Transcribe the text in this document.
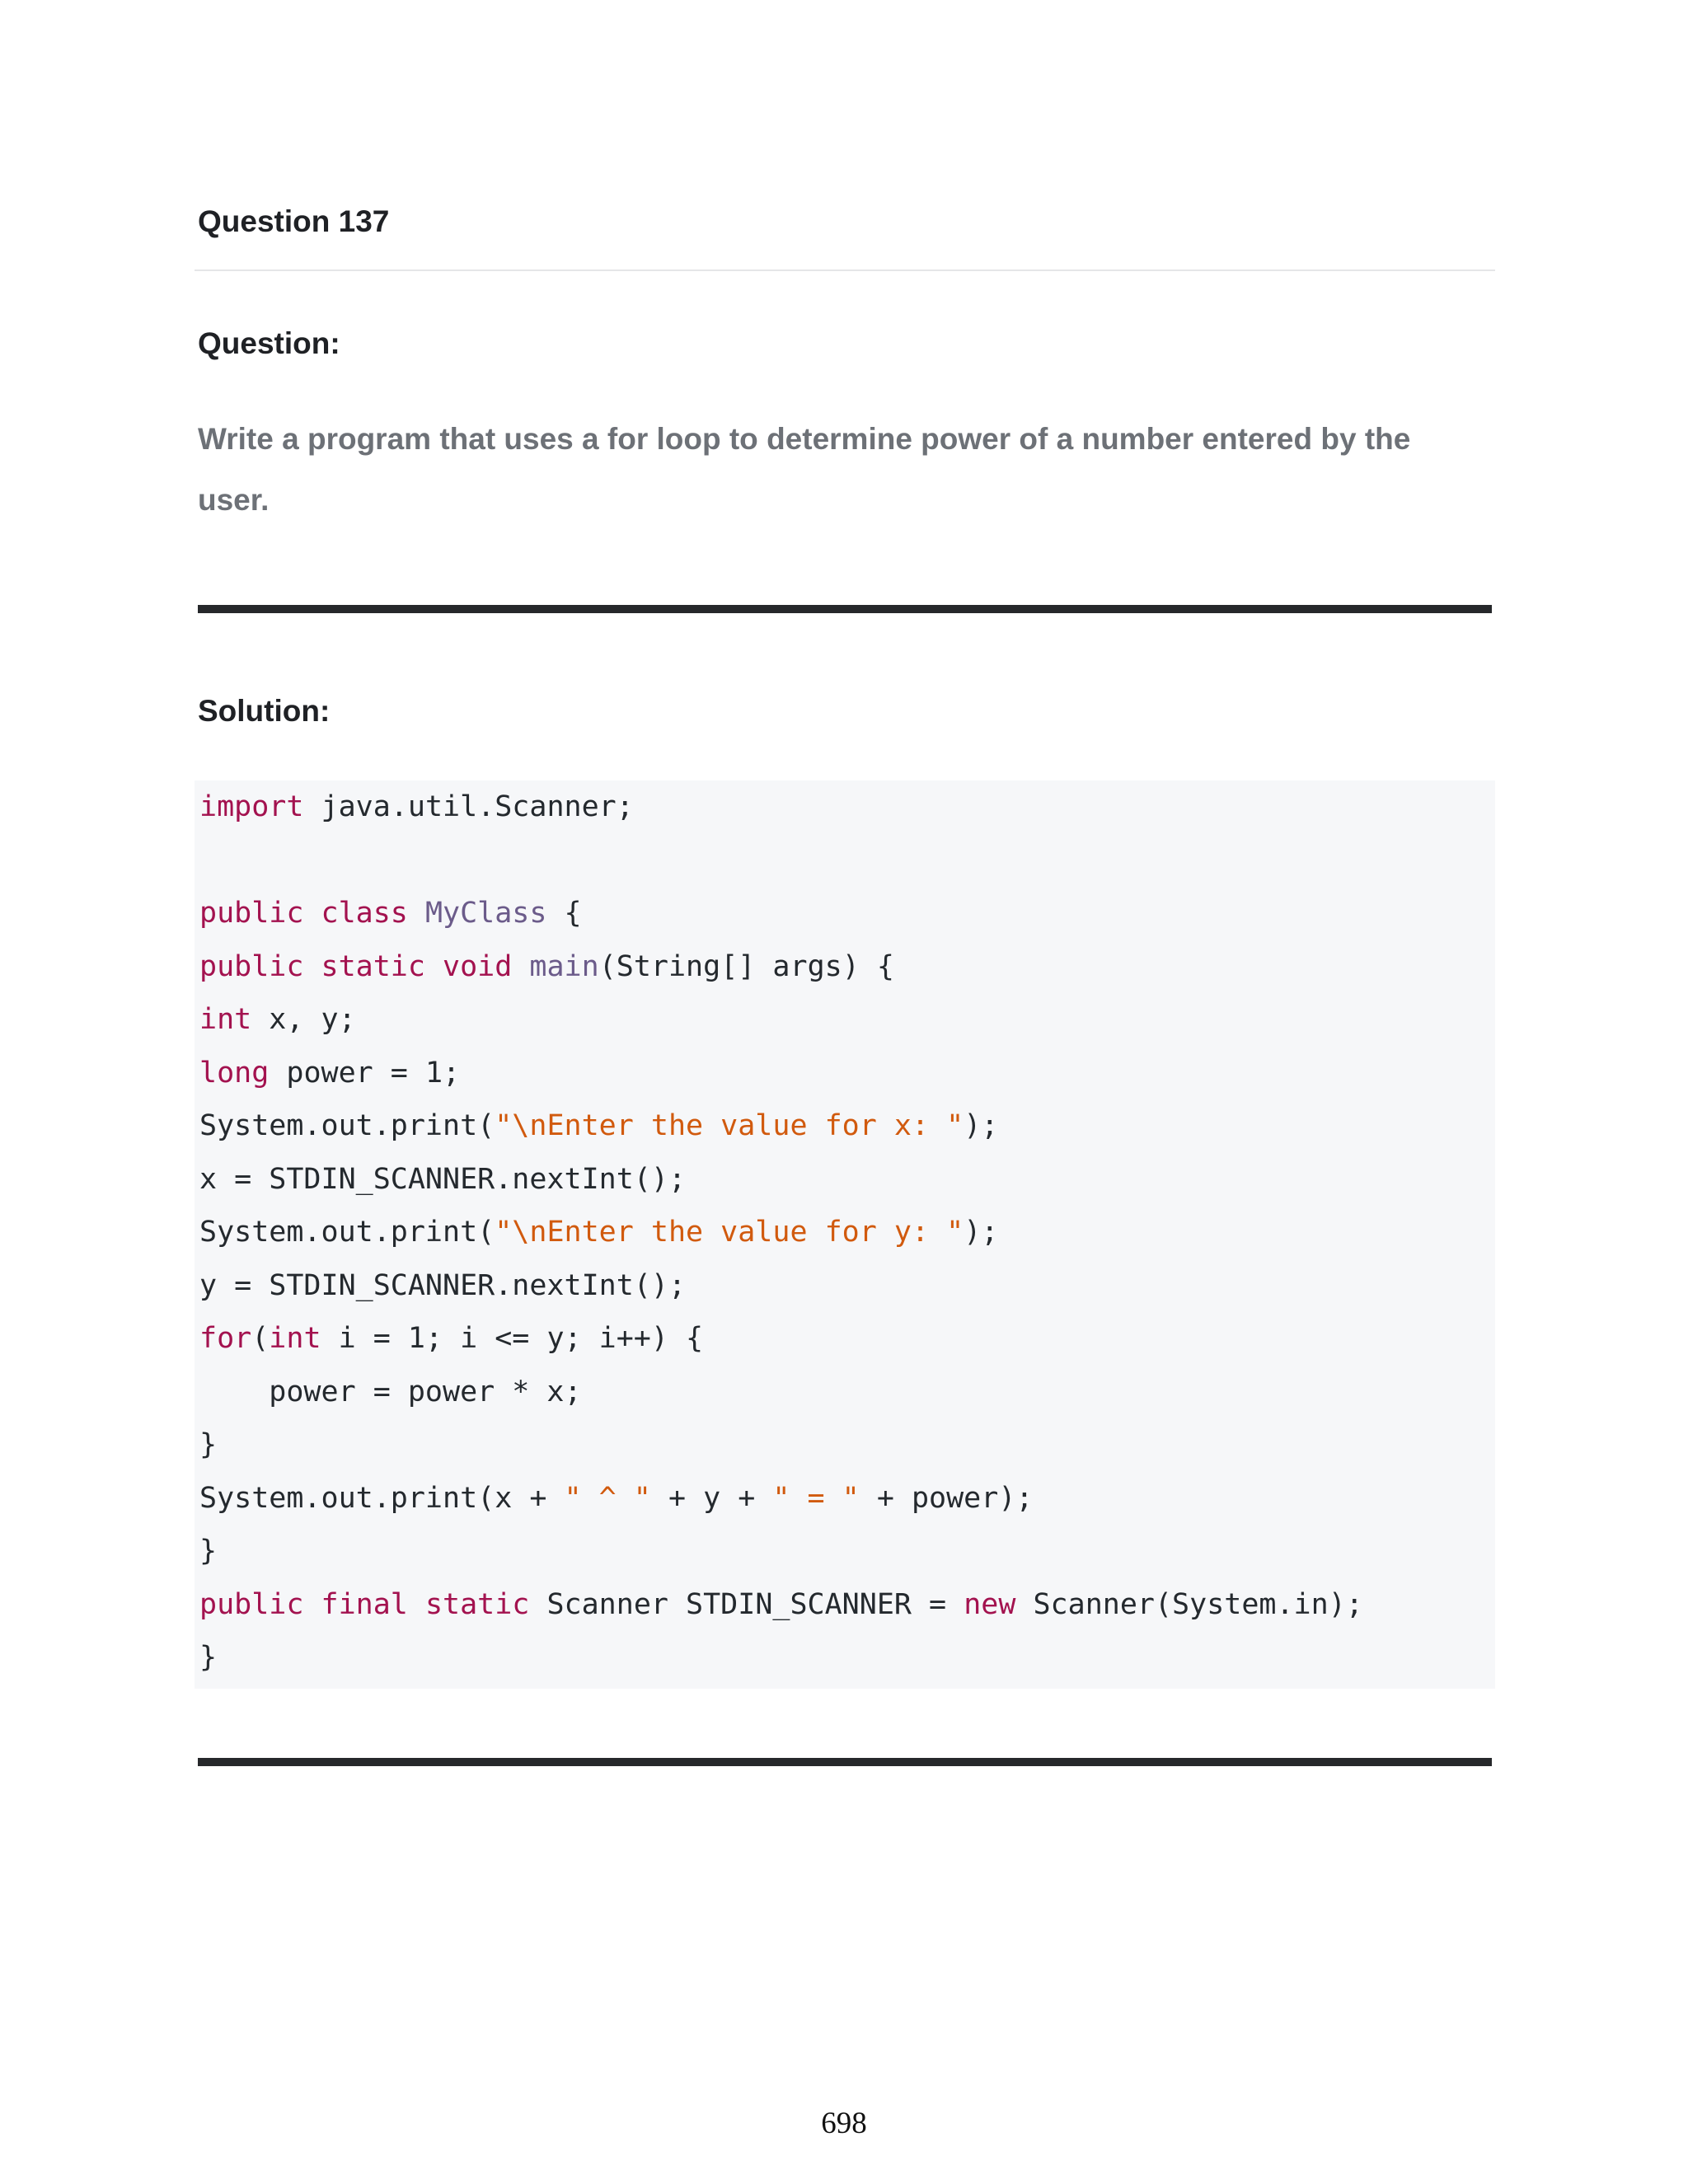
Question 137
Question:

Write a program that uses a for loop to determine power of a number entered by the user.

Solution:
import java.util.Scanner;
public class MyClass {
public static void main(String[] args) {
int x, y;
long power = 1;
System.out.print("\nEnter the value for x: ");
x = STDIN_SCANNER.nextInt();
System.out.print("\nEnter the value for y: ");
y = STDIN_SCANNER.nextInt();
for(int i = 1; i <= y; i++) {
power = power * x;
}
System.out.print(x + " ^ " + y + " = " + power);
}
public final static Scanner STDIN_SCANNER = new Scanner(System.in);
}
698
